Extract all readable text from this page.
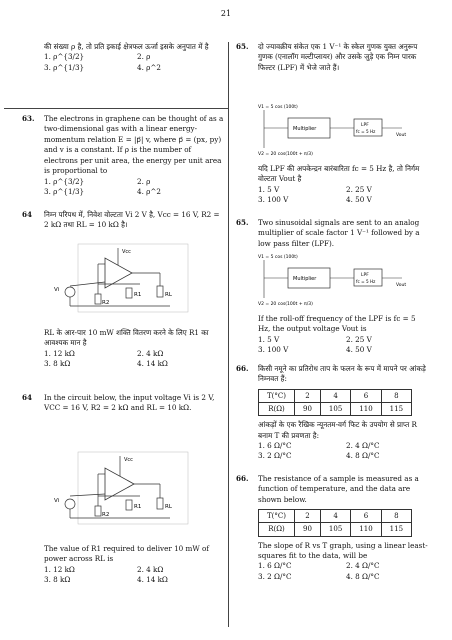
21
की संख्या ρ है, तो प्रति इकाई क्षेत्रफल ऊर्जा इसके अनुपात में है
1. ρ^{3/2}	2. ρ
3. ρ^{1/3}	4. ρ^2
63.	The electrons in graphene can be thought of as a two-dimensional gas with a linear energy-momentum relation E = |p⃗| v, where p⃗ = (px, py) and v is a constant. If ρ is the number of electrons per unit area, the energy per unit area is proportional to
1. ρ^{3/2}	2. ρ
3. ρ^{1/3}	4. ρ^2
64	निम्न परिपथ में, निवेश वोल्टता Vi 2 V है, Vcc = 16 V, R2 = 2 kΩ तथा RL = 10 kΩ है।
Vcc
Vi
R2
R1	RL
RL के आर-पार 10 mW शक्ति वितरण करने के लिए R1 का आवश्यक मान है
1. 12 kΩ	2. 4 kΩ
3. 8 kΩ	4. 14 kΩ
64	In the circuit below, the input voltage Vi is 2 V, VCC = 16 V, R2 = 2 kΩ and RL = 10 kΩ.
Vcc
Vi
R2
R1	RL
The value of R1 required to deliver 10 mW of power across RL is
1. 12 kΩ	2. 4 kΩ
3. 8 kΩ	4. 14 kΩ
65.	दो ज्यावक्रीय संकेत एक 1 V⁻¹ के स्केल गुणक युक्त अनुरूप गुणक (एनालॉग मल्टीप्लायर) और उसके जुड़े एक निम्न पारक फिल्टर (LPF) में भेजे जाते हैं।
V1 = 5 cos (100t)
Multiplier
LPF
fc = 5 Hz
Vout
V2 = 20 cos(100t + π/3)
यदि LPF की अपकेन्द्रन बारंबारिता fc = 5 Hz है, तो निर्गम वोल्टता Vout है
1. 5 V	2. 25 V
3. 100 V	4. 50 V
65.	Two sinusoidal signals are sent to an analog multiplier of scale factor 1 V⁻¹ followed by a low pass filter (LPF).
V1 = 5 cos (100t)
Multiplier
LPF
fc = 5 Hz
Vout
V2 = 20 cos(100t + π/3)
If the roll-off frequency of the LPF is fc = 5 Hz, the output voltage Vout is
1. 5 V	2. 25 V
3. 100 V	4. 50 V
66.	किसी नमूने का प्रतिरोध ताप के फलन के रूप में मापने पर आंकड़े निम्नवत हैं:
T(°C)	2	4	6	8
R(Ω)	90	105	110	115
आंकड़ों के एक रैखिक न्यूनतम-वर्ग फिट के उपयोग से प्राप्त R बनाम T की प्रवणता है:
1. 6 Ω/°C	2. 4 Ω/°C
3. 2 Ω/°C	4. 8 Ω/°C
66.	The resistance of a sample is measured as a function of temperature, and the data are shown below.
T(°C)	2	4	6	8
R(Ω)	90	105	110	115
The slope of R vs T graph, using a linear least-squares fit to the data, will be
1. 6 Ω/°C	2. 4 Ω/°C
3. 2 Ω/°C	4. 8 Ω/°C
